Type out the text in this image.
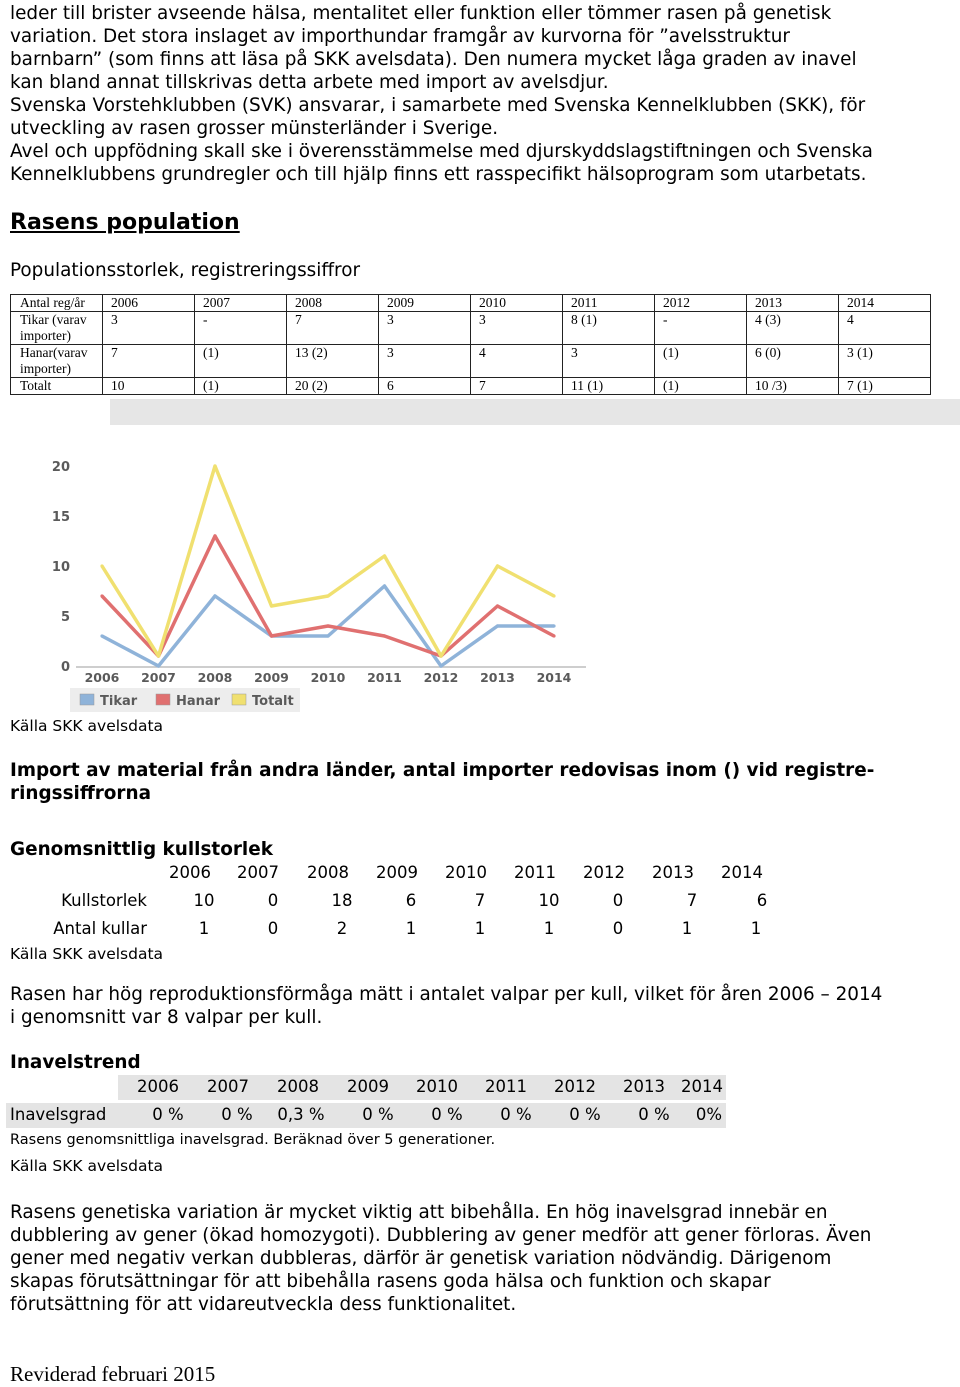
leder till brister avseende hälsa, mentalitet eller funktion eller tömmer rasen på genetisk

variation. Det stora inslaget av importhundar framgår av kurvorna för ”avelsstruktur

barnbarn” (som finns att läsa på SKK avelsdata). Den numera mycket låga graden av inavel

kan bland annat tillskrivas detta arbete med import av avelsdjur.

Svenska Vorstehklubben (SVK) ansvarar, i samarbete med Svenska Kennelklubben (SKK), för

utveckling av rasen grosser münsterländer i Sverige.

Avel och uppfödning skall ske i överensstämmelse med djurskyddslagstiftningen och Svenska

Kennelklubbens grundregler och till hjälp finns ett rasspecifikt hälsoprogram som utarbetats.

Rasens population
Populationsstorlek, registreringssiffror
Antal reg/år	2006	2007	2008	2009	2010	2011	2012	2013	2014
Tikar (varav
importer)	3	-	7	3	3	8 (1)	-	4 (3)	4
Hanar(varav
importer)	7	(1)	13 (2)	3	4	3	(1)	6 (0)	3 (1)
Totalt	10	(1)	20 (2)	6	7	11 (1)	(1)	10 /3)	7 (1)
0
5
10
15
20
2006 2007 2008 2009 2010 2011 2012 2013 2014
Tikar	Hanar Totalt
Källa SKK avelsdata
Import av material från andra länder, antal importer redovisas inom () vid registre-
ringssiffrorna
Genomsnittlig kullstorlek
2006	2007	2008	2009	2010	2011	2012	2013	2014
Kullstorlek	10	0	18	6	7	10	0	7	6
Antal kullar	1	0	2	1	1	1	0	1	1
Källa SKK avelsdata
Rasen har hög reproduktionsförmåga mätt i antalet valpar per kull, vilket för åren 2006 – 2014
i genomsnitt var 8 valpar per kull.
Inavelstrend
2006	2007	2008	2009	2010	2011	2012	2013 2014
Inavelsgrad	0 %	0 %	0,3 %	0 %	0 %	0 %	0 %	0 %	0%
Rasens genomsnittliga inavelsgrad. Beräknad över 5 generationer.
Källa SKK avelsdata
Rasens genetiska variation är mycket viktig att bibehålla. En hög inavelsgrad innebär en
dubblering av gener (ökad homozygoti). Dubblering av gener medför att gener förloras. Även
gener med negativ verkan dubbleras, därför är genetisk variation nödvändig. Därigenom
skapas förutsättningar för att bibehålla rasens goda hälsa och funktion och skapar
förutsättning för att vidareutveckla dess funktionalitet.
Reviderad februari 2015
